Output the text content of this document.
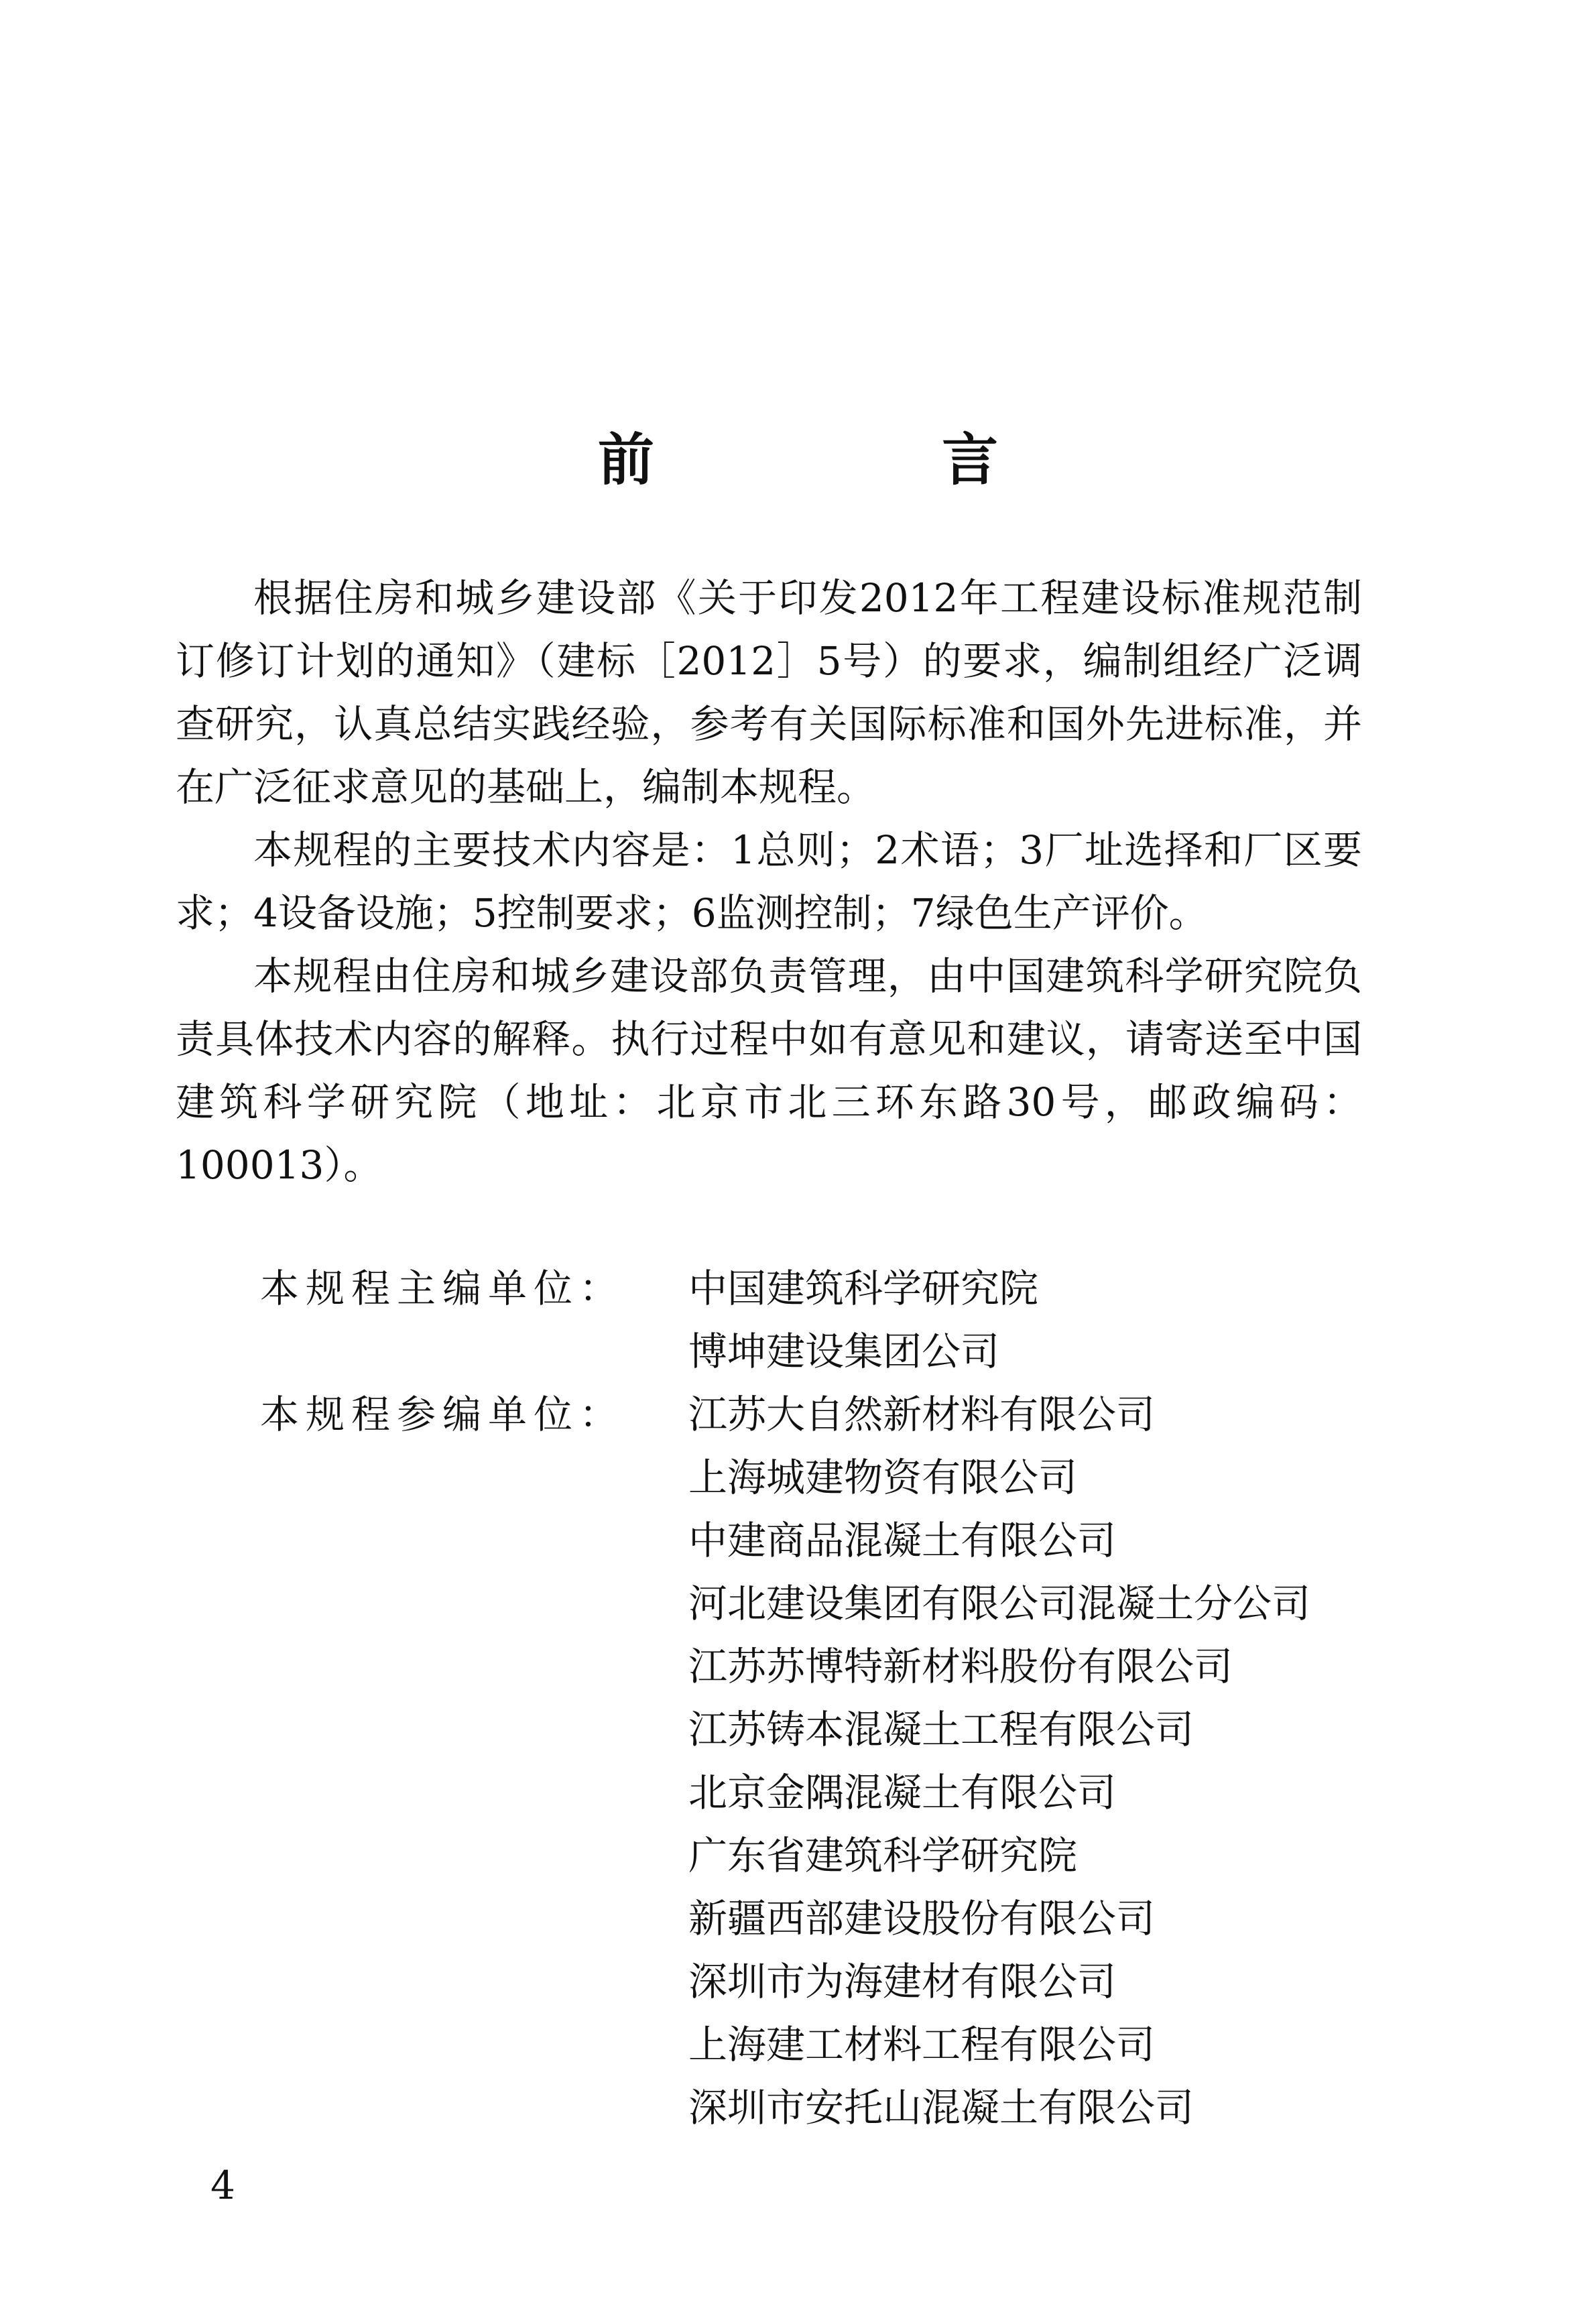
前 言

根据住房和城乡建设部《关于印发2012年工程建设标准规范制订修订计划的通知》（建标［2012］5号）的要求，编制组经广泛调查研究，认真总结实践经验，参考有关国际标准和国外先进标准，并在广泛征求意见的基础上，编制本规程。

本规程的主要技术内容是：1总则；2术语；3厂址选择和厂区要求；4设备设施；5控制要求；6监测控制；7绿色生产评价。

本规程由住房和城乡建设部负责管理，由中国建筑科学研究院负责具体技术内容的解释。执行过程中如有意见和建议，请寄送至中国建筑科学研究院（地址：北京市北三环东路30号，邮政编码：100013）。

本规程主编单位：	中国建筑科学研究院
博坤建设集团公司
本规程参编单位：	江苏大自然新材料有限公司
上海城建物资有限公司
中建商品混凝土有限公司
河北建设集团有限公司混凝土分公司
江苏苏博特新材料股份有限公司
江苏铸本混凝土工程有限公司
北京金隅混凝土有限公司
广东省建筑科学研究院
新疆西部建设股份有限公司
深圳市为海建材有限公司
上海建工材料工程有限公司
深圳市安托山混凝土有限公司
4
